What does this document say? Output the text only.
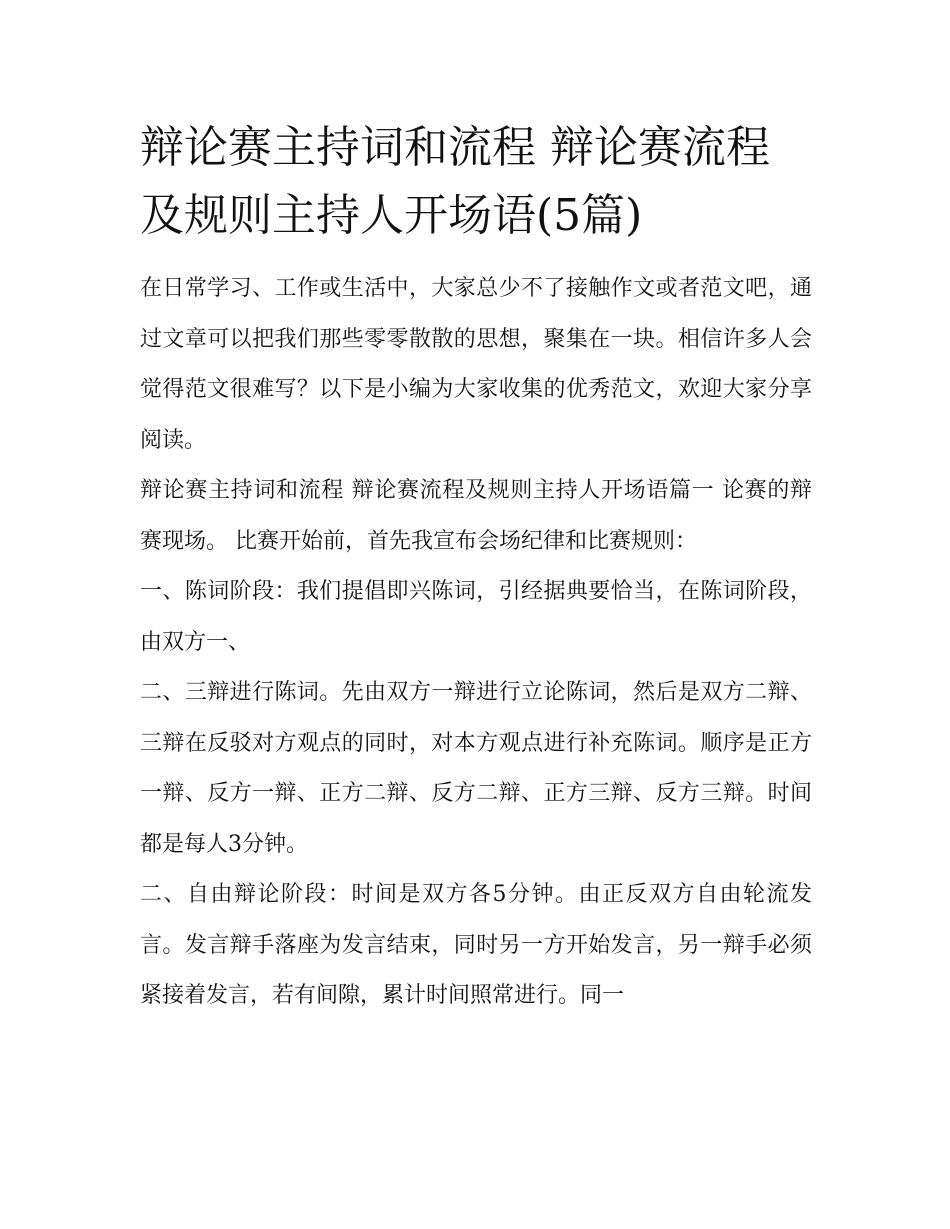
辩论赛主持词和流程 辩论赛流程及规则主持人开场语(5篇)

在日常学习、工作或生活中，大家总少不了接触作文或者范文吧，通过文章可以把我们那些零零散散的思想，聚集在一块。相信许多人会觉得范文很难写？以下是小编为大家收集的优秀范文，欢迎大家分享阅读。

辩论赛主持词和流程 辩论赛流程及规则主持人开场语篇一 论赛的辩赛现场。 比赛开始前，首先我宣布会场纪律和比赛规则：

一、陈词阶段：我们提倡即兴陈词，引经据典要恰当，在陈词阶段，由双方一、

二、三辩进行陈词。先由双方一辩进行立论陈词，然后是双方二辩、三辩在反驳对方观点的同时，对本方观点进行补充陈词。顺序是正方一辩、反方一辩、正方二辩、反方二辩、正方三辩、反方三辩。时间都是每人3分钟。

二、自由辩论阶段：时间是双方各5分钟。由正反双方自由轮流发言。发言辩手落座为发言结束，同时另一方开始发言，另一辩手必须紧接着发言，若有间隙，累计时间照常进行。同一
